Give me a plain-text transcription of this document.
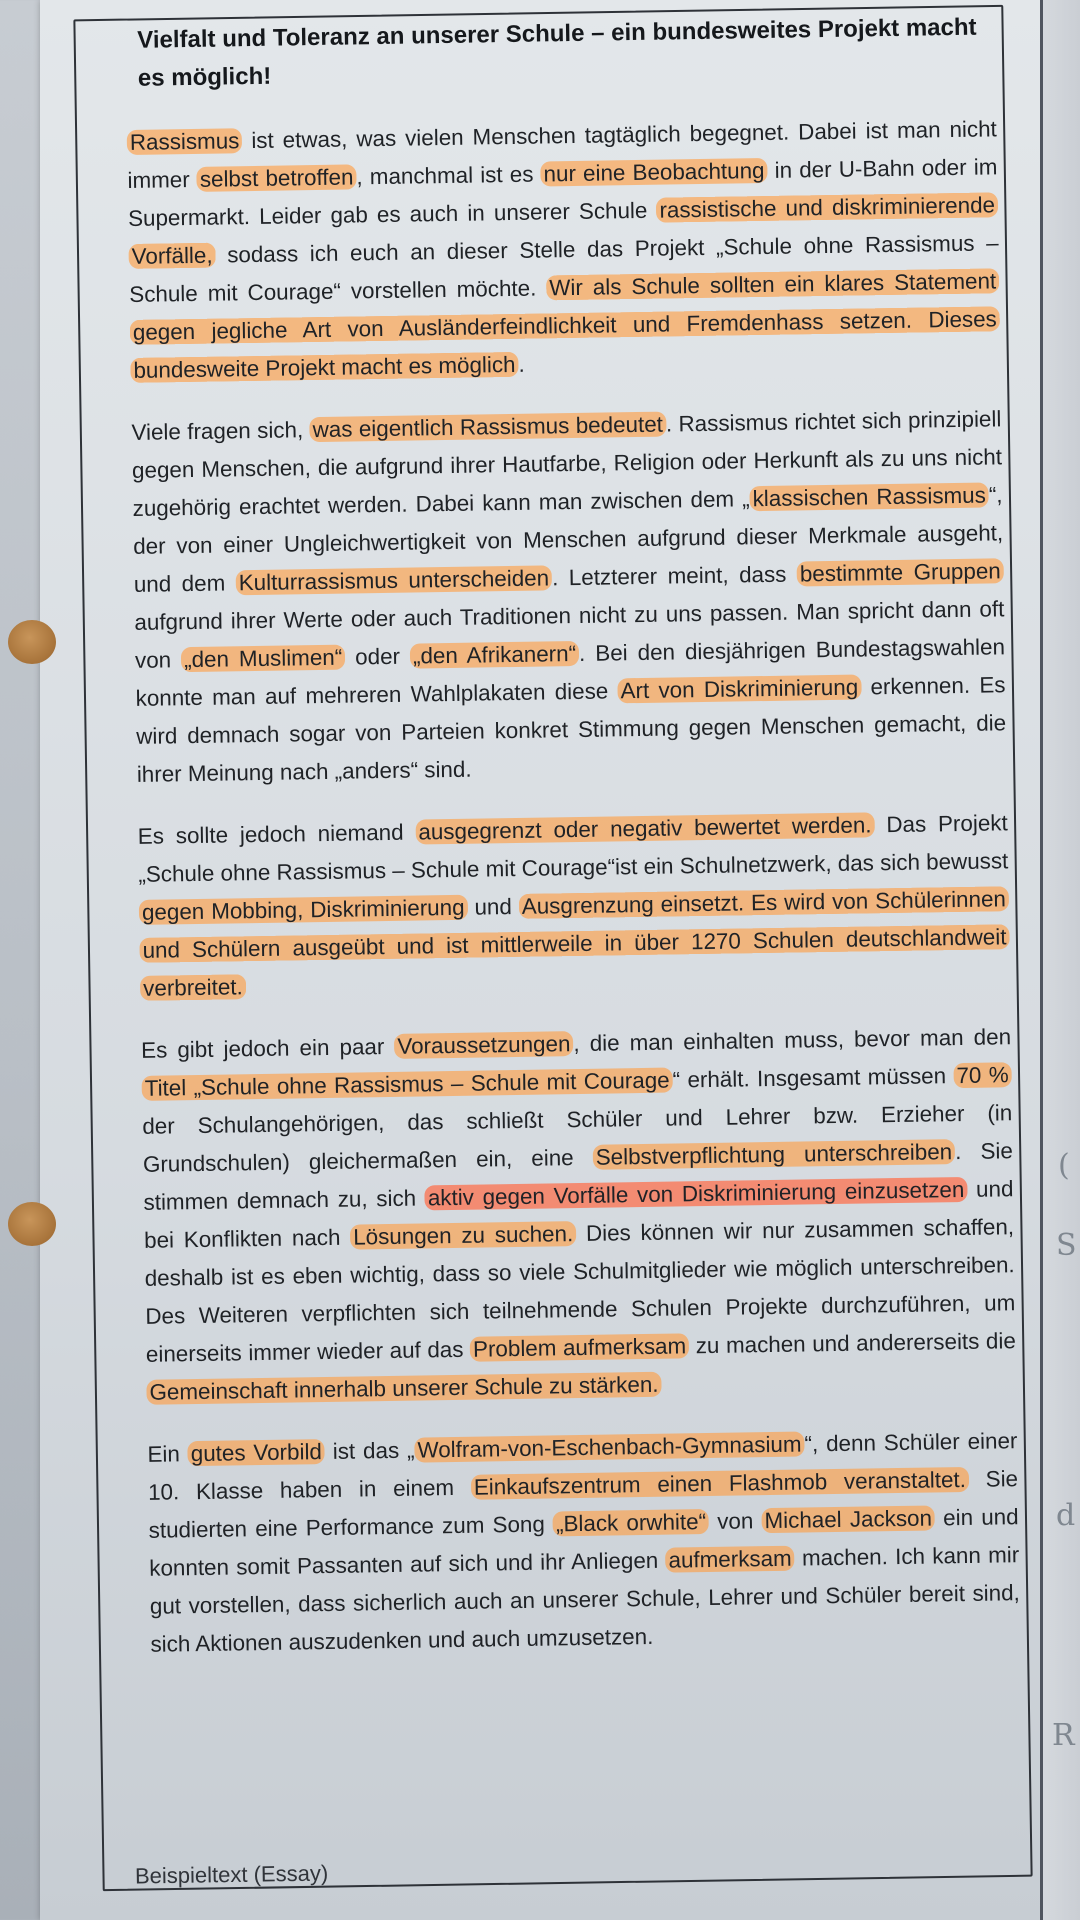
Vielfalt und Toleranz an unserer Schule – ein bundesweites Projekt macht es möglich!

Rassismus ist etwas, was vielen Menschen tagtäglich begegnet. Dabei ist man nicht immer selbst betroffen , manchmal ist es nur eine Beobachtung in der U-Bahn oder im Supermarkt. Leider gab es auch in unserer Schule rassistische und diskriminierende Vorfälle, sodass ich euch an dieser Stelle das Projekt „Schule ohne Rassismus – Schule mit Courage“ vorstellen möchte. Wir als Schule sollten ein klares Statement gegen jegliche Art von Ausländerfeindlichkeit und Fremdenhass setzen. Dieses bundesweite Projekt macht es möglich .

Viele fragen sich, was eigentlich Rassismus bedeutet . Rassismus richtet sich prinzipiell gegen Menschen, die aufgrund ihrer Hautfarbe, Religion oder Herkunft als zu uns nicht zugehörig erachtet werden. Dabei kann man zwischen dem „ klassischen Rassismus “, der von einer Ungleichwertigkeit von Menschen aufgrund dieser Merkmale ausgeht, und dem Kulturrassismus unterscheiden . Letzterer meint, dass bestimmte Gruppen aufgrund ihrer Werte oder auch Traditionen nicht zu uns passen. Man spricht dann oft von „den Muslimen“ oder „den Afrikanern“ . Bei den diesjährigen Bundestagswahlen konnte man auf mehreren Wahlplakaten diese Art von Diskriminierung erkennen. Es wird demnach sogar von Parteien konkret Stimmung gegen Menschen gemacht, die ihrer Meinung nach „anders“ sind.

Es sollte jedoch niemand ausgegrenzt oder negativ bewertet werden. Das Projekt „Schule ohne Rassismus – Schule mit Courage“ist ein Schulnetzwerk, das sich bewusst gegen Mobbing, Diskriminierung und Ausgrenzung einsetzt. Es wird von Schülerinnen und Schülern ausgeübt und ist mittlerweile in über 1270 Schulen deutschlandweit verbreitet.

Es gibt jedoch ein paar Voraussetzungen , die man einhalten muss, bevor man den Titel „Schule ohne Rassismus – Schule mit Courage “ erhält. Insgesamt müssen 70 % der Schulangehörigen, das schließt Schüler und Lehrer bzw. Erzieher (in Grundschulen) gleichermaßen ein, eine Selbstverpflichtung unterschreiben . Sie stimmen demnach zu, sich aktiv gegen Vorfälle von Diskriminierung einzusetzen und bei Konflikten nach Lösungen zu suchen. Dies können wir nur zusammen schaffen, deshalb ist es eben wichtig, dass so viele Schulmitglieder wie möglich unterschreiben. Des Weiteren verpflichten sich teilnehmende Schulen Projekte durchzuführen, um einerseits immer wieder auf das Problem aufmerksam zu machen und andererseits die Gemeinschaft innerhalb unserer Schule zu stärken.

Ein gutes Vorbild ist das „ Wolfram-von-Eschenbach-Gymnasium “, denn Schüler einer 10. Klasse haben in einem Einkaufszentrum einen Flashmob veranstaltet. Sie studierten eine Performance zum Song „Black orwhite“ von Michael Jackson ein und konnten somit Passanten auf sich und ihr Anliegen aufmerksam machen. Ich kann mir gut vorstellen, dass sicherlich auch an unserer Schule, Lehrer und Schüler bereit sind, sich Aktionen auszudenken und auch umzusetzen.

Beispieltext (Essay)
(
S
d
R
